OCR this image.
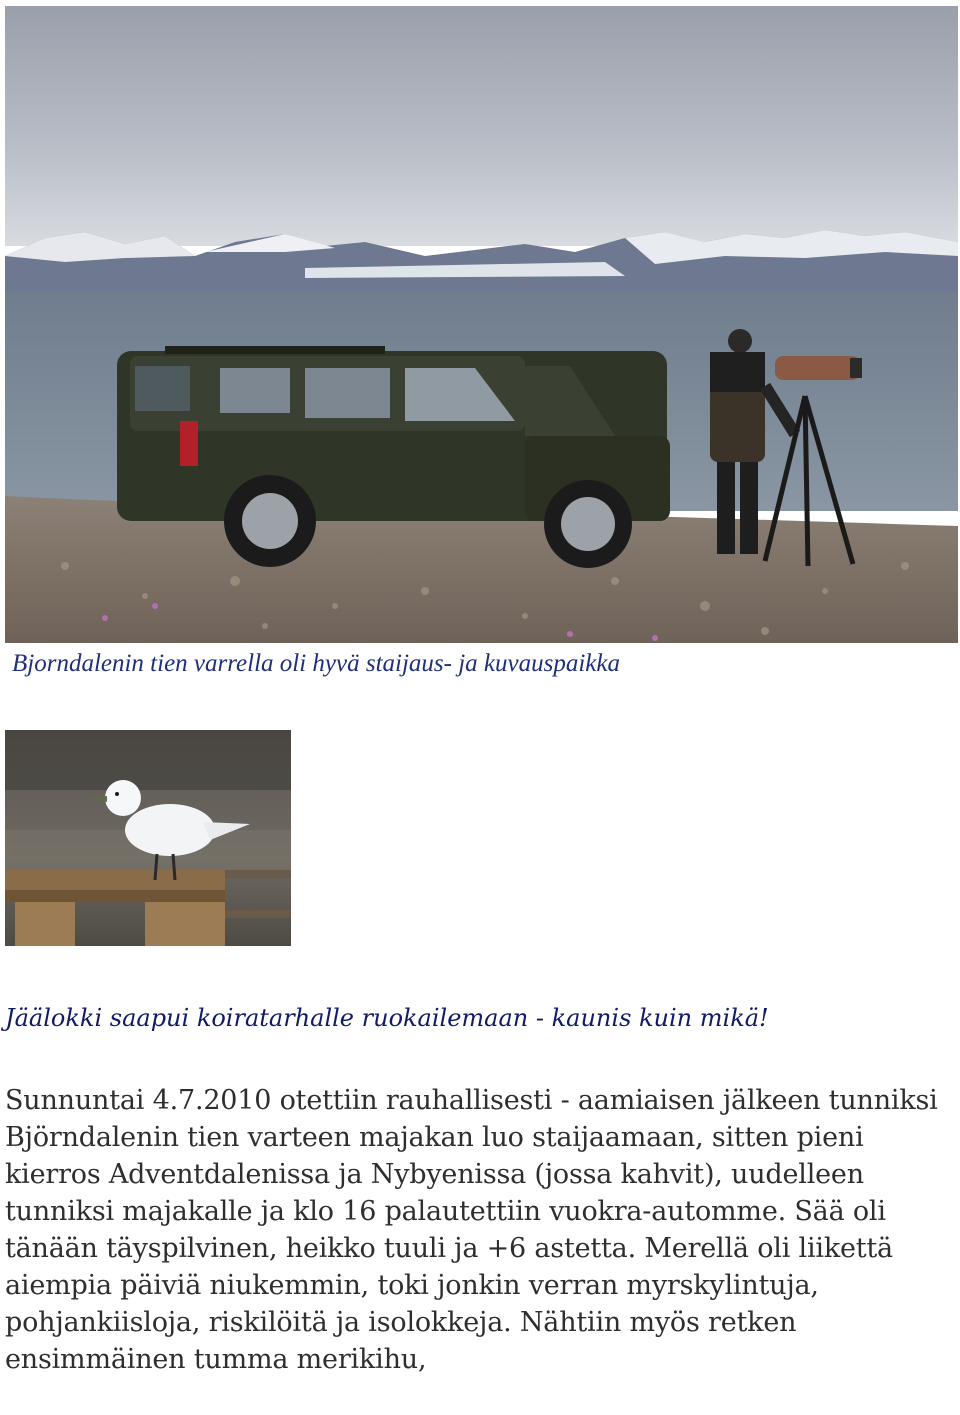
Bjorndalenin tien varrella oli hyvä staijaus- ja kuvauspaikka
Jäälokki saapui koiratarhalle ruokailemaan - kaunis kuin mikä!

Sunnuntai 4.7.2010 otettiin rauhallisesti - aamiaisen jälkeen tunniksi Björndalenin tien varteen majakan luo staijaamaan, sitten pieni kierros Adventdalenissa ja Nybyenissa (jossa kahvit), uudelleen tunniksi majakalle ja klo 16 palautettiin vuokra-automme. Sää oli tänään täyspilvinen, heikko tuuli ja +6 astetta. Merellä oli liikettä aiempia päiviä niukemmin, toki jonkin verran myrskylintuja, pohjankiisloja, riskilöitä ja isolokkeja. Nähtiin myös retken ensimmäinen tumma merikihu,
